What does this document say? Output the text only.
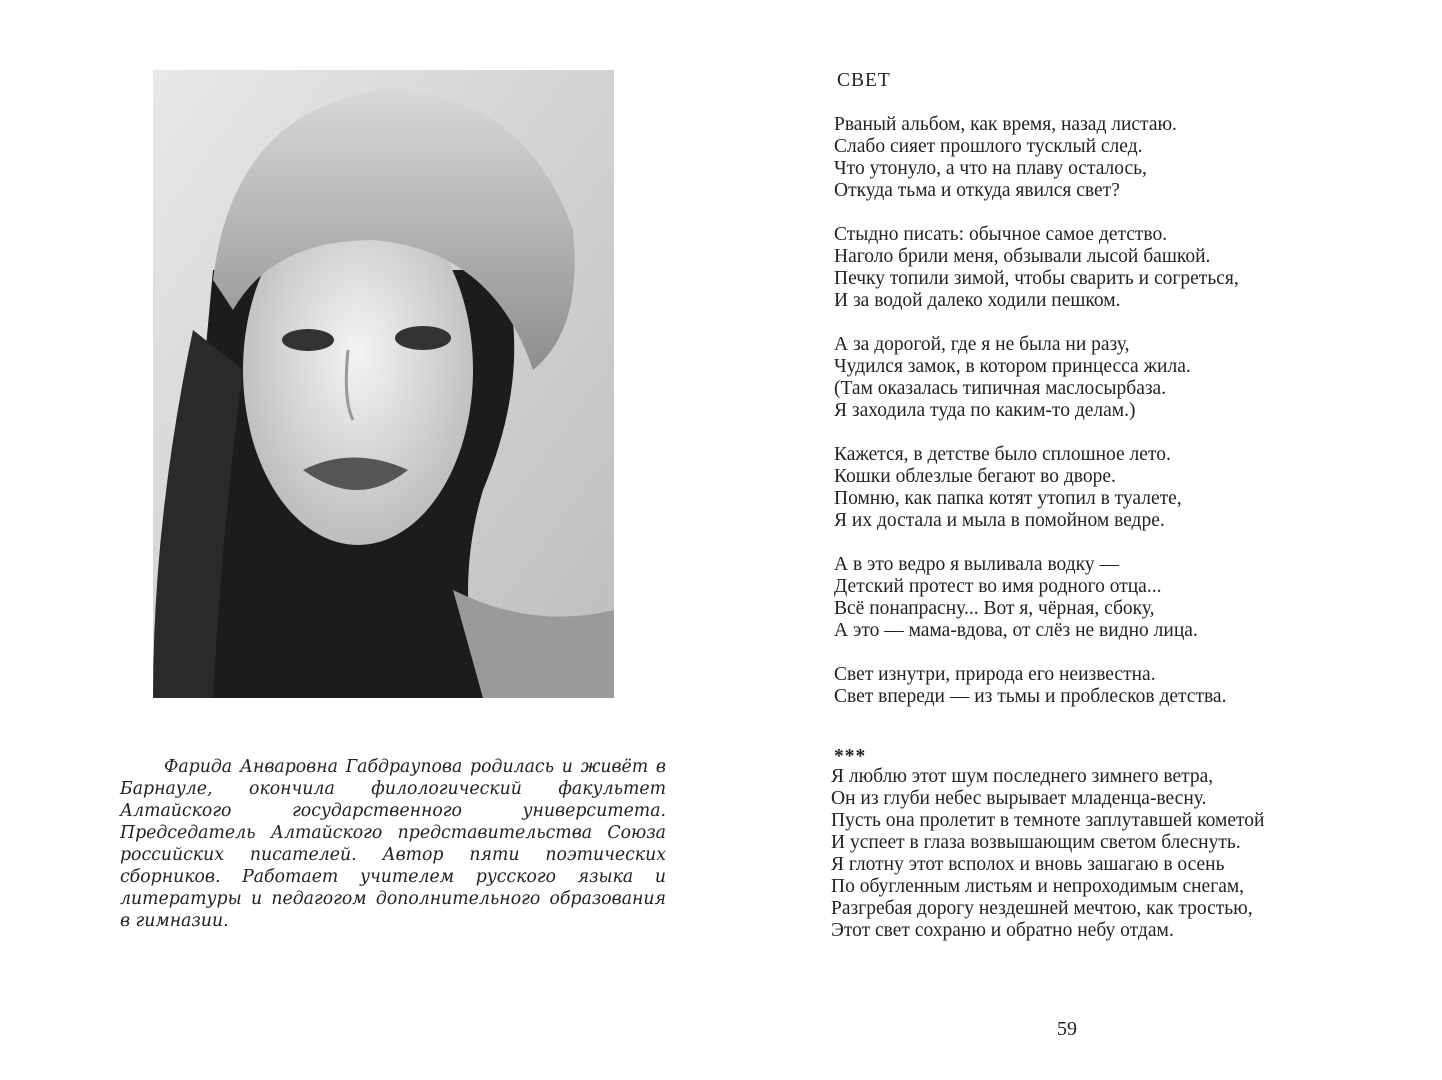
Фарида Анваровна Габдраупова родилась и живёт в Барнауле, окончила филологический факультет Алтайского государственного университета. Председатель Алтайского представительства Союза российских писателей. Автор пяти поэтических сборников. Работает учителем русского языка и литературы и педагогом дополнительного образования в гимназии.

СВЕТ
Рваный альбом, как время, назад листаю.
Слабо сияет прошлого тусклый след.
Что утонуло, а что на плаву осталось,
Откуда тьма и откуда явился свет?
Стыдно писать: обычное самое детство.
Наголо брили меня, обзывали лысой башкой.
Печку топили зимой, чтобы сварить и согреться,
И за водой далеко ходили пешком.
А за дорогой, где я не была ни разу,
Чудился замок, в котором принцесса жила.
(Там оказалась типичная маслосырбаза.
Я заходила туда по каким-то делам.)
Кажется, в детстве было сплошное лето.
Кошки облезлые бегают во дворе.
Помню, как папка котят утопил в туалете,
Я их достала и мыла в помойном ведре.
А в это ведро я выливала водку —
Детский протест во имя родного отца...
Всё понапрасну... Вот я, чёрная, сбоку,
А это — мама-вдова, от слёз не видно лица.
Свет изнутри, природа его неизвестна.
Свет впереди — из тьмы и проблесков детства.
***
Я люблю этот шум последнего зимнего ветра,
Он из глуби небес вырывает младенца-весну.
Пусть она пролетит в темноте заплутавшей кометой
И успеет в глаза возвышающим светом блеснуть.
Я глотну этот всполох и вновь зашагаю в осень
По обугленным листьям и непроходимым снегам,
Разгребая дорогу нездешней мечтою, как тростью,
Этот свет сохраню и обратно небу отдам.
59
